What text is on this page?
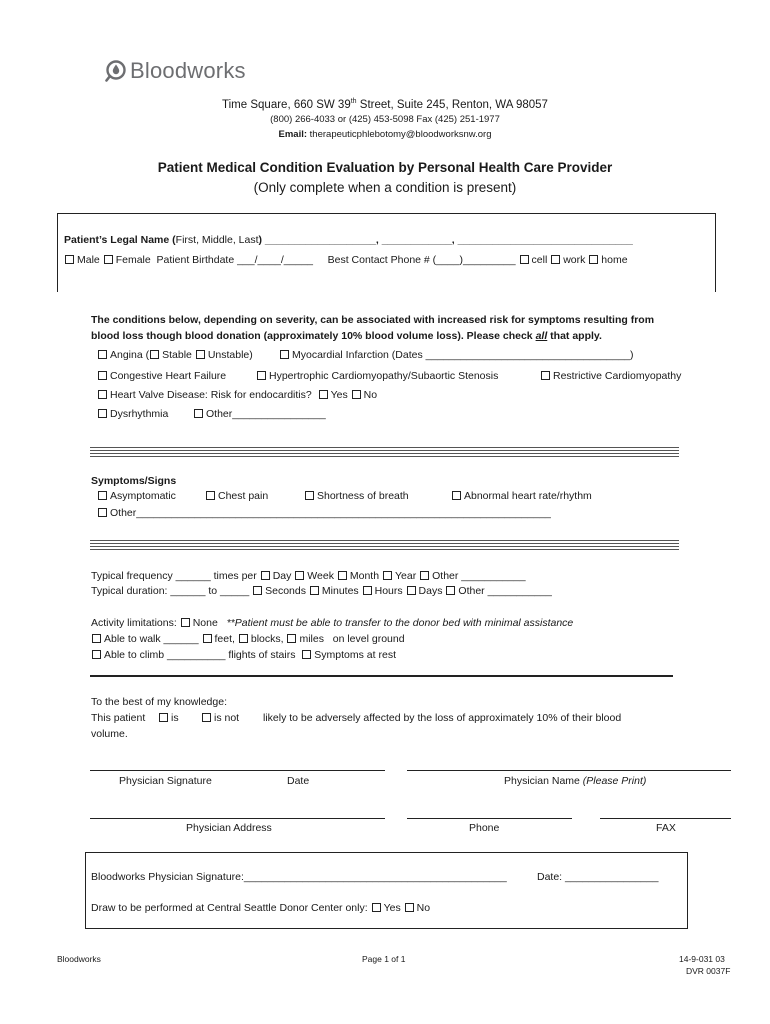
Bloodworks
Time Square, 660 SW 39th Street, Suite 245, Renton, WA 98057
(800) 266-4033 or (425) 453-5098 Fax (425) 251-1977
Email: therapeuticphlebotomy@bloodworksnw.org
Patient Medical Condition Evaluation by Personal Health Care Provider
(Only complete when a condition is present)
Patient’s Legal Name (First, Middle, Last) ___________________, ____________, ______________________________
Male Female Patient Birthdate ___/____/_____ Best Contact Phone # (____)_________ cell work home
The conditions below, depending on severity, can be associated with increased risk for symptoms resulting from
blood loss though blood donation (approximately 10% blood volume loss). Please check all that apply.
Angina ( Stable Unstable)	Myocardial Infarction (Dates ___________________________________)
Congestive Heart Failure	Hypertrophic Cardiomyopathy/Subaortic Stenosis	Restrictive Cardiomyopathy
Heart Valve Disease: Risk for endocarditis? Yes No
Dysrhythmia	Other________________
Symptoms/Signs
Asymptomatic	Chest pain	Shortness of breath	Abnormal heart rate/rhythm
Other_______________________________________________________________________
Typical frequency ______ times per Day Week Month Year Other ___________
Typical duration: ______ to _____ Seconds Minutes Hours Days Other ___________
Activity limitations: None **Patient must be able to transfer to the donor bed with minimal assistance
Able to walk ______ feet, blocks, miles on level ground
Able to climb __________ flights of stairs Symptoms at rest
To the best of my knowledge:
This patient	is	is not likely to be adversely affected by the loss of approximately 10% of their blood
volume.
Physician Signature	Date	Physician Name (Please Print)
Physician Address	Phone	FAX
Bloodworks Physician Signature:_____________________________________________	Date: ________________
Draw to be performed at Central Seattle Donor Center only: Yes No
Bloodworks	Page 1 of 1	14-9-031 03
DVR 0037F
